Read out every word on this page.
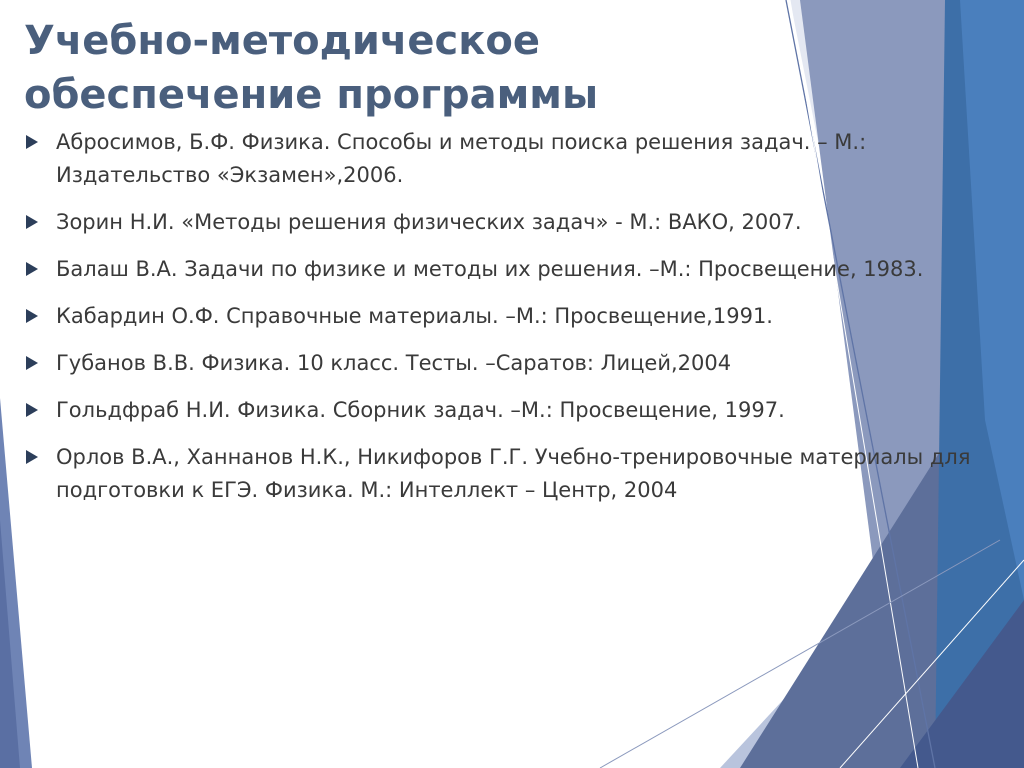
Учебно-методическое
обеспечение программы
Абросимов, Б.Ф. Физика. Способы и методы поиска решения задач. – М.: Издательство «Экзамен»,2006.
Зорин Н.И. «Методы решения физических задач» - М.: ВАКО, 2007.
Балаш В.А. Задачи по физике и методы их решения. –М.: Просвещение, 1983.
Кабардин О.Ф. Справочные материалы. –М.: Просвещение,1991.
Губанов В.В. Физика. 10 класс. Тесты. –Саратов: Лицей,2004
Гольдфраб Н.И. Физика. Сборник задач. –М.: Просвещение, 1997.
Орлов В.А., Ханнанов Н.К., Никифоров Г.Г. Учебно-тренировочные материалы для подготовки к ЕГЭ. Физика. М.: Интеллект – Центр, 2004
